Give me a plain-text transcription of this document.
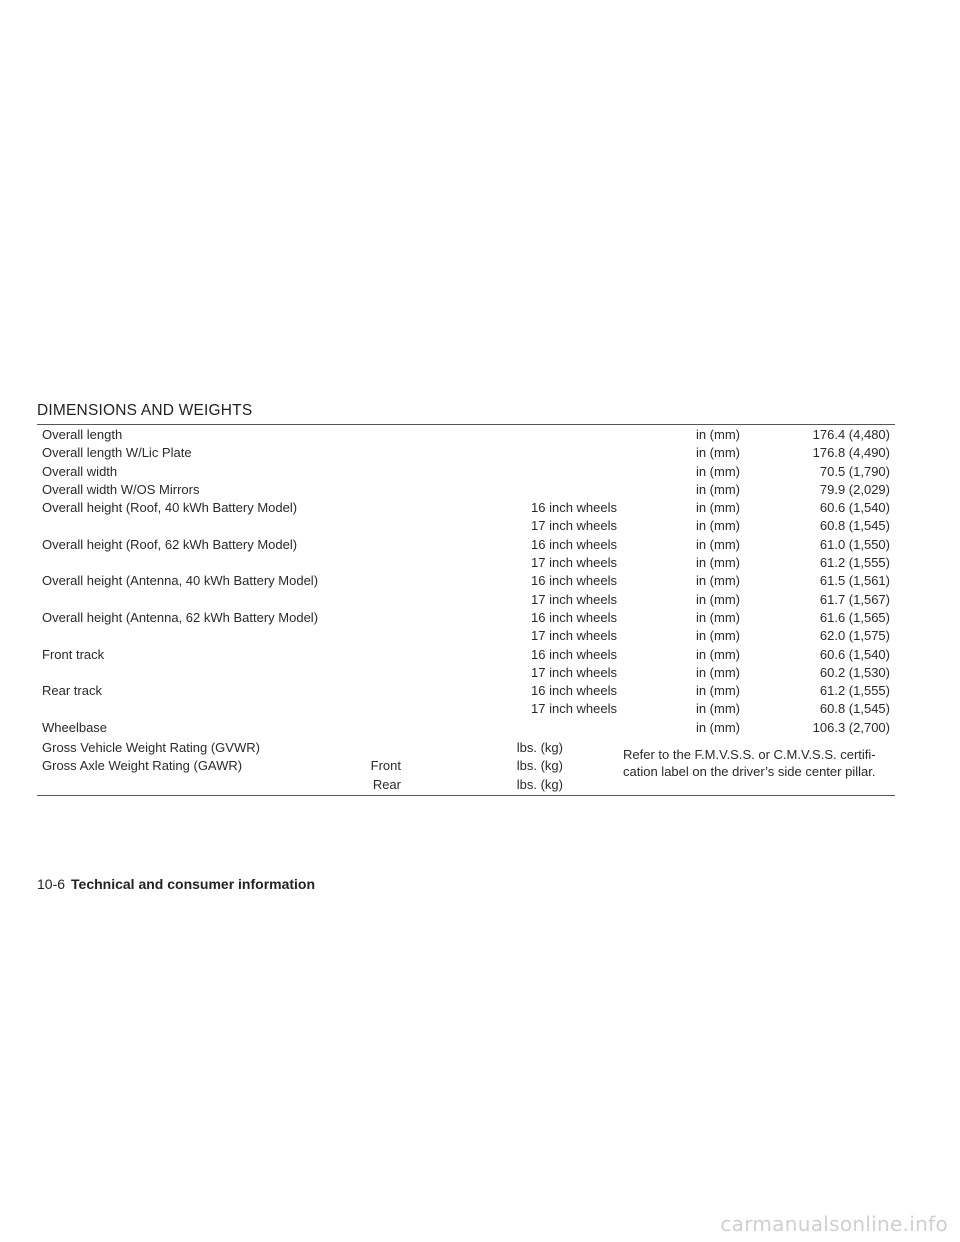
DIMENSIONS AND WEIGHTS
Overall length	in (mm)	176.4 (4,480)
Overall length W/Lic Plate	in (mm)	176.8 (4,490)
Overall width	in (mm)	70.5 (1,790)
Overall width W/OS Mirrors	in (mm)	79.9 (2,029)
Overall height (Roof, 40 kWh Battery Model)	16 inch wheels	in (mm)	60.6 (1,540)
17 inch wheels	in (mm)	60.8 (1,545)
Overall height (Roof, 62 kWh Battery Model)	16 inch wheels	in (mm)	61.0 (1,550)
17 inch wheels	in (mm)	61.2 (1,555)
Overall height (Antenna, 40 kWh Battery Model)	16 inch wheels	in (mm)	61.5 (1,561)
17 inch wheels	in (mm)	61.7 (1,567)
Overall height (Antenna, 62 kWh Battery Model)	16 inch wheels	in (mm)	61.6 (1,565)
17 inch wheels	in (mm)	62.0 (1,575)
Front track	16 inch wheels	in (mm)	60.6 (1,540)
17 inch wheels	in (mm)	60.2 (1,530)
Rear track	16 inch wheels	in (mm)	61.2 (1,555)
17 inch wheels	in (mm)	60.8 (1,545)
Wheelbase	in (mm)	106.3 (2,700)
Gross Vehicle Weight Rating (GVWR)	lbs. (kg)
Gross Axle Weight Rating (GAWR)	Front	lbs. (kg)
Rear	lbs. (kg)
Refer to the F.M.V.S.S. or C.M.V.S.S. certifi-cation label on the driver’s side center pillar.
10-6 Technical and consumer information
carmanualsonline.info
